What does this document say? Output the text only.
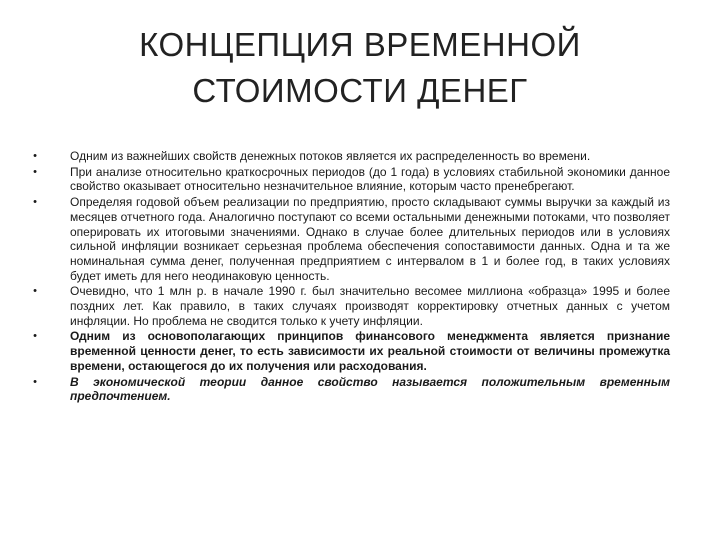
КОНЦЕПЦИЯ ВРЕМЕННОЙ
СТОИМОСТИ ДЕНЕГ
•	Одним из важнейших свойств денежных потоков является их распределенность во времени.
•	При анализе относительно краткосрочных периодов (до 1 года) в условиях стабильной экономики данное свойство оказывает относительно незначительное влияние, которым часто пренебрегают.
•	Определяя годовой объем реализации по предприятию, просто складывают суммы выручки за каждый из месяцев отчетного года. Аналогично поступают со всеми остальными денежными потоками, что позволяет оперировать их итоговыми значениями. Однако в случае более длительных периодов или в условиях сильной инфляции возникает серьезная проблема обеспечения сопоставимости данных. Одна и та же номинальная сумма денег, полученная предприятием с интервалом в 1 и более год, в таких условиях будет иметь для него неодинаковую ценность.
•	Очевидно, что 1 млн р. в начале 1990 г. был значительно весомее миллиона «образца» 1995 и более поздних лет. Как правило, в таких случаях производят корректировку отчетных данных с учетом инфляции. Но проблема не сводится только к учету инфляции.
•	Одним из основополагающих принципов финансового менеджмента является признание временной ценности денег, то есть зависимости их реальной стоимости от величины промежутка времени, остающегося до их получения или расходования.
•	В экономической теории данное свойство называется положительным временным предпочтением.
